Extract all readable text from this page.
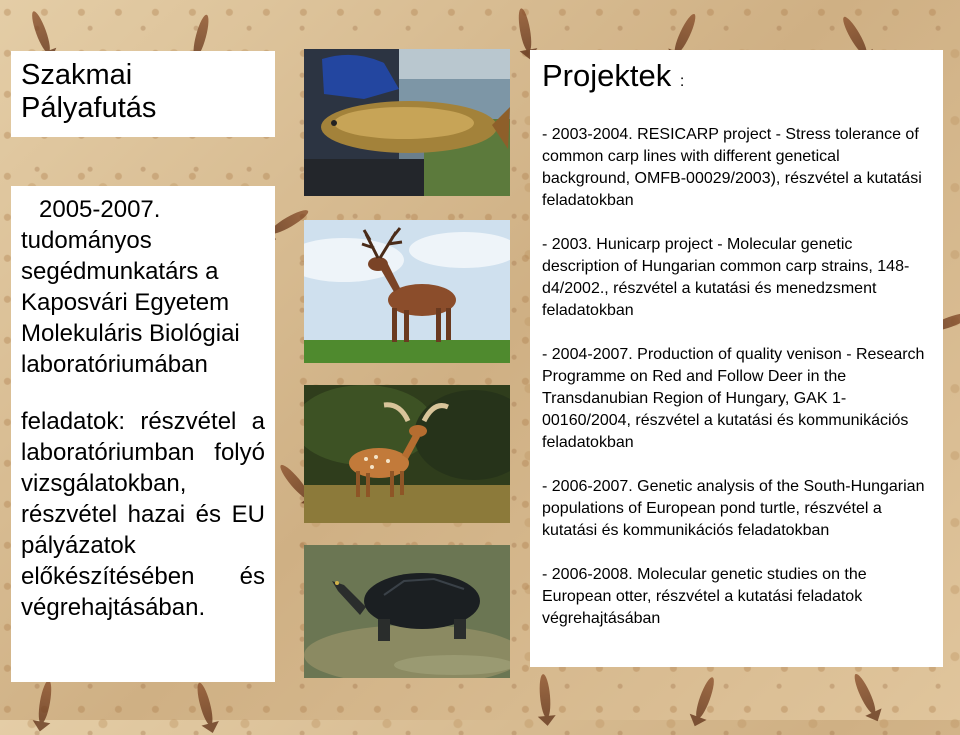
Szakmai Pályafutás

2005-2007.

tudományos segédmunkatárs a Kaposvári Egyetem Molekuláris Biológiai laboratóriumában

feladatok: részvétel a laboratóriumban folyó vizsgálatokban, részvétel hazai és EU pályázatok előkészítésében és végrehajtásában.

Projektek :

- 2003-2004. RESICARP project - Stress tolerance of common carp lines with different genetical background, OMFB-00029/2003), részvétel a kutatási feladatokban

- 2003. Hunicarp project - Molecular genetic description of Hungarian common carp strains, 148-d4/2002., részvétel a kutatási és menedzsment feladatokban

- 2004-2007. Production of quality venison - Research Programme on Red and Follow Deer in the Transdanubian Region of Hungary, GAK 1-00160/2004, részvétel a kutatási és kommunikációs feladatokban

- 2006-2007. Genetic analysis of the South-Hungarian populations of European pond turtle, részvétel a kutatási és kommunikációs feladatokban

- 2006-2008. Molecular genetic studies on the European otter, részvétel a kutatási feladatok végrehajtásában
